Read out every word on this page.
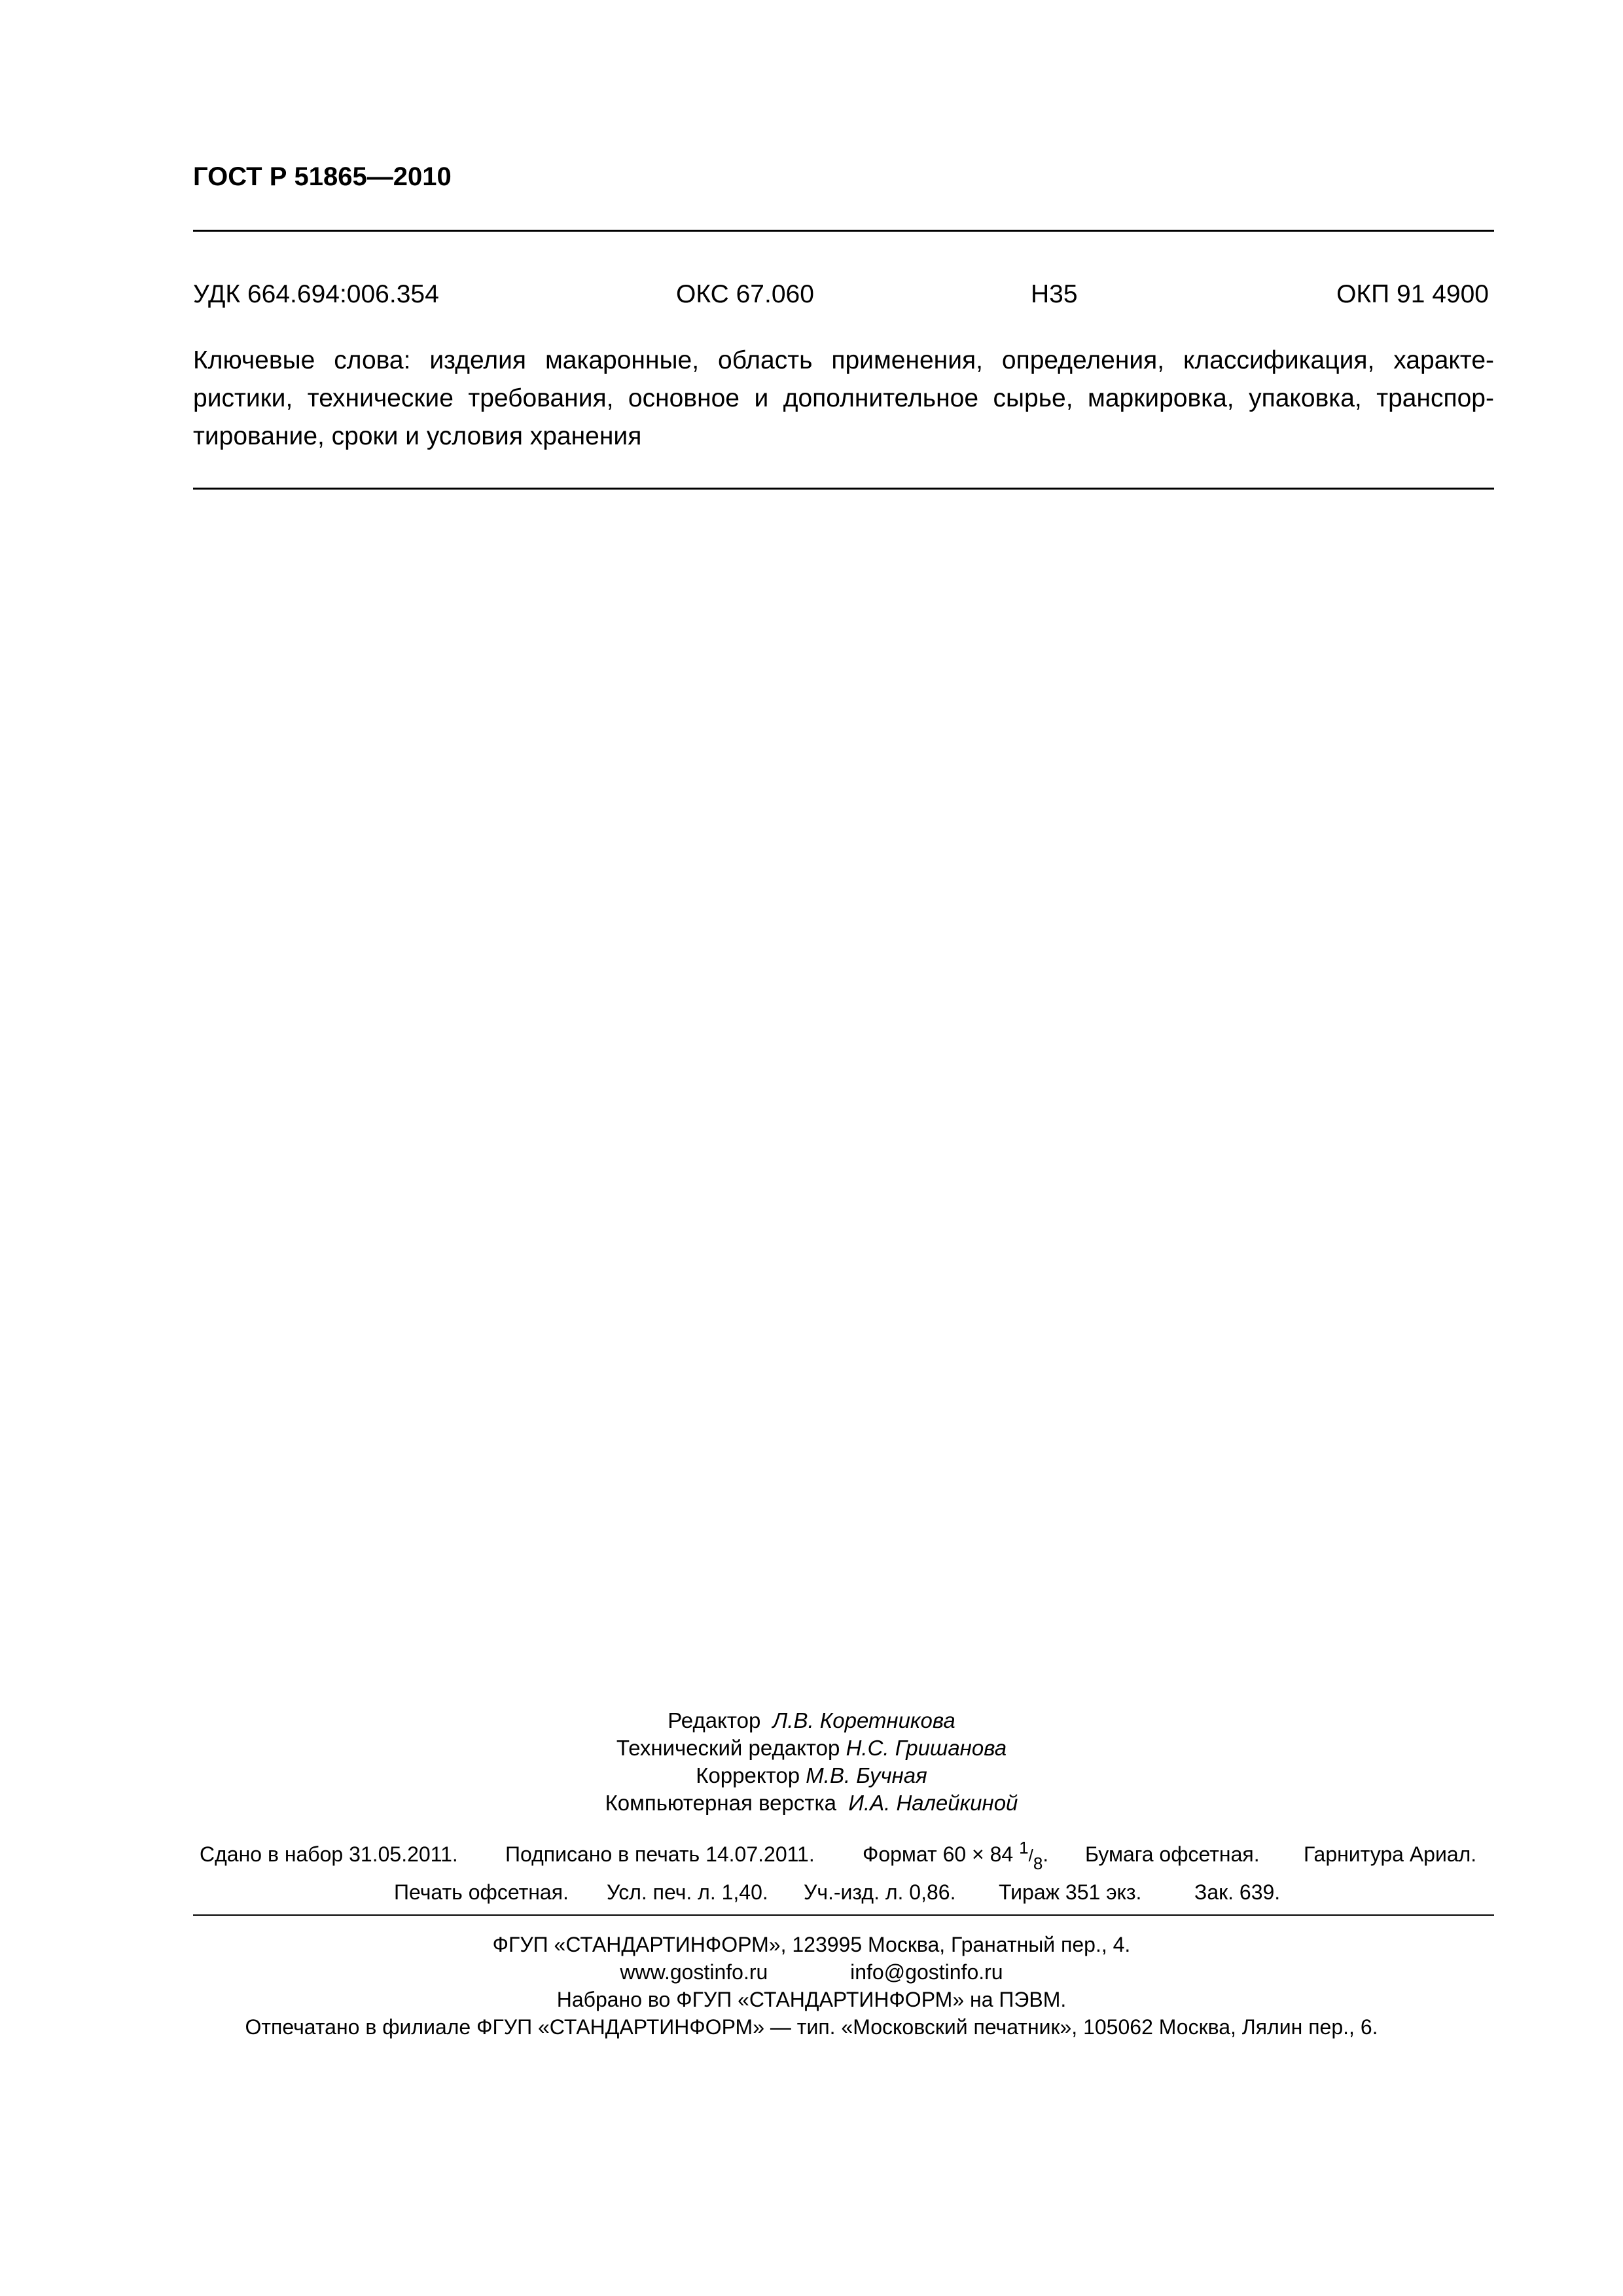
ГОСТ Р 51865—2010
УДК 664.694:006.354	ОКС 67.060	Н35	ОКП 91 4900
Ключевые слова: изделия макаронные, область применения, определения, классификация, характе-
ристики, технические требования, основное и дополнительное сырье, маркировка, упаковка, транспор-
тирование, сроки и условия хранения
Редактор Л.В. Коретникова
Технический редактор Н.С. Гришанова
Корректор М.В. Бучная
Компьютерная верстка И.А. Налейкиной
Сдано в набор 31.05.2011. Подписано в печать 14.07.2011. Формат 60 × 84 1/8. Бумага офсетная. Гарнитура Ариал.
Печать офсетная. Усл. печ. л. 1,40. Уч.-изд. л. 0,86. Тираж 351 экз.	Зак. 639.
ФГУП «СТАНДАРТИНФОРМ», 123995 Москва, Гранатный пер., 4.
www.gostinfo.ru	info@gostinfo.ru
Набрано во ФГУП «СТАНДАРТИНФОРМ» на ПЭВМ.
Отпечатано в филиале ФГУП «СТАНДАРТИНФОРМ» — тип. «Московский печатник», 105062 Москва, Лялин пер., 6.
